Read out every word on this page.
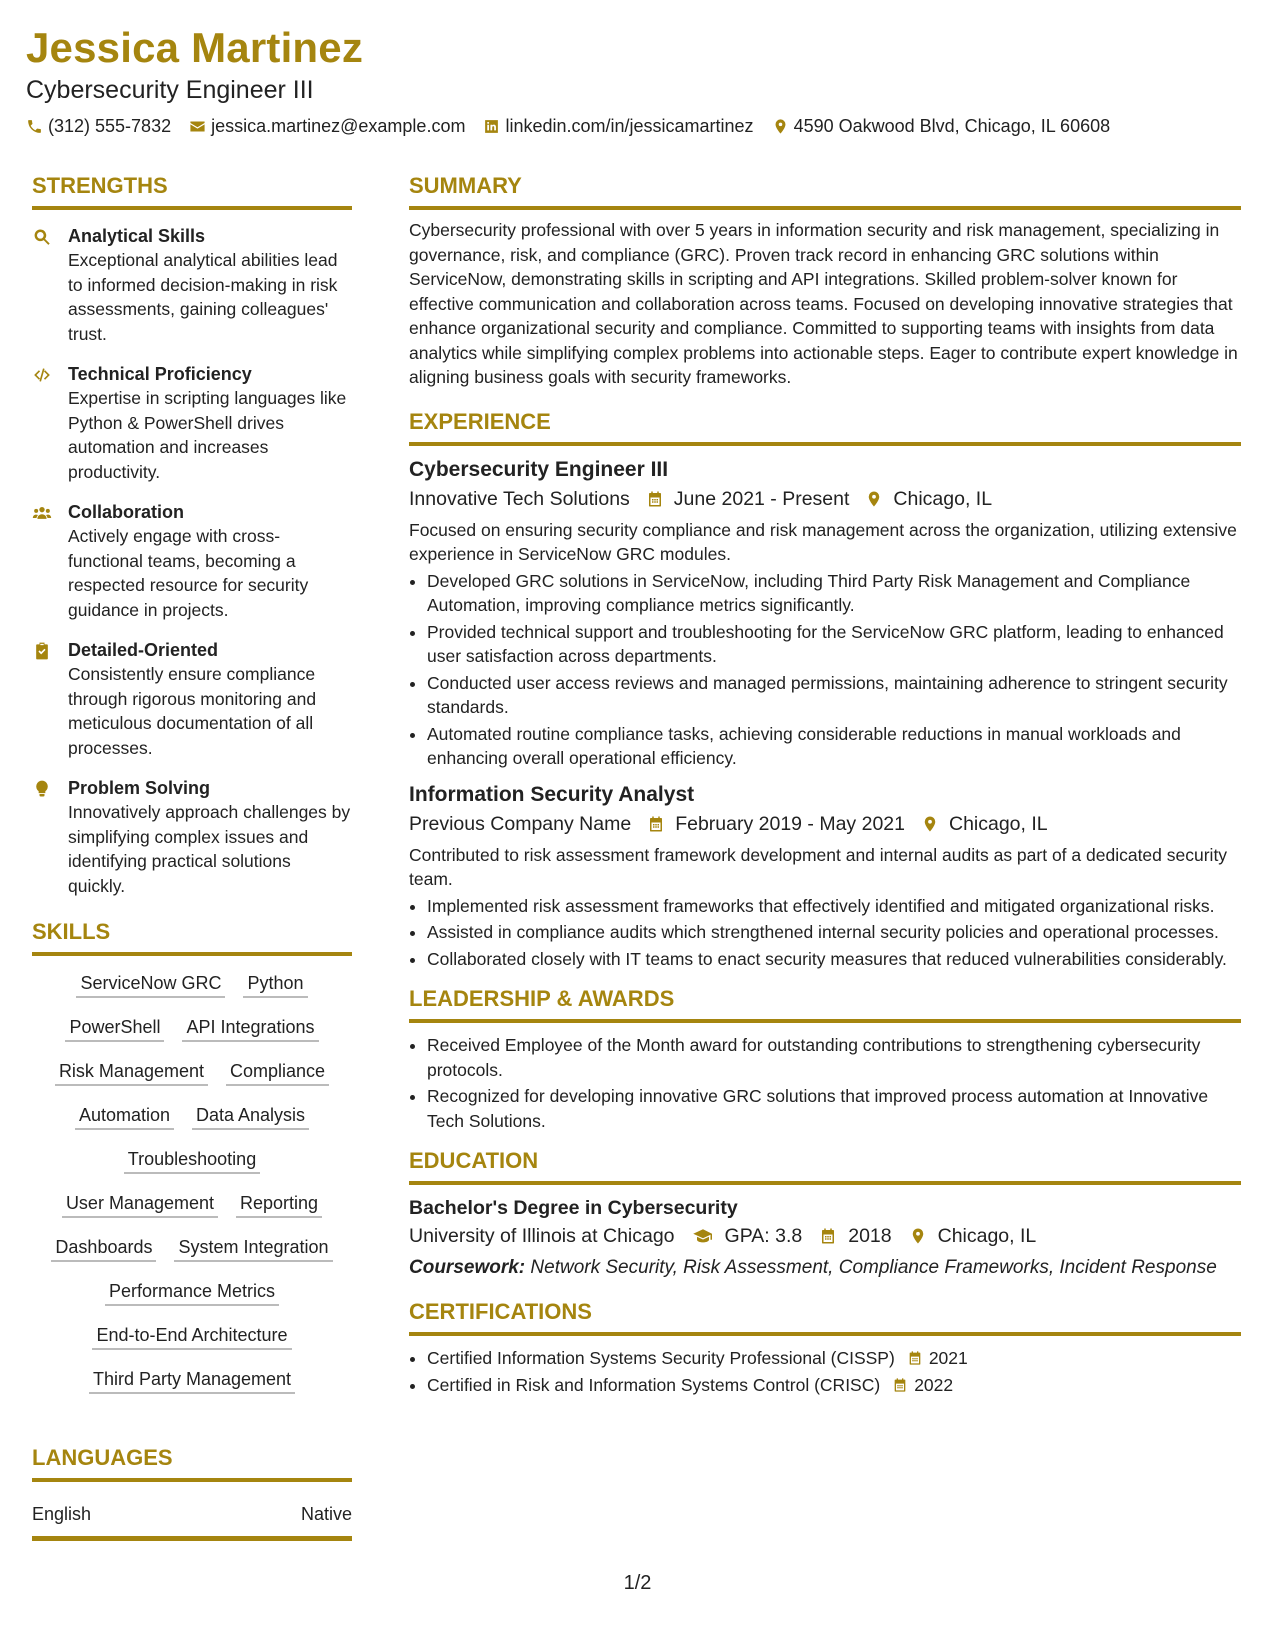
Jessica Martinez
Cybersecurity Engineer III
(312) 555-7832 jessica.martinez@example.com linkedin.com/in/jessicamartinez 4590 Oakwood Blvd, Chicago, IL 60608
STRENGTHS
Analytical Skills
Exceptional analytical abilities lead to informed decision-making in risk assessments, gaining colleagues' trust.
Technical Proficiency
Expertise in scripting languages like Python & PowerShell drives automation and increases productivity.
Collaboration
Actively engage with cross-functional teams, becoming a respected resource for security guidance in projects.
Detailed-Oriented
Consistently ensure compliance through rigorous monitoring and meticulous documentation of all processes.
Problem Solving
Innovatively approach challenges by simplifying complex issues and identifying practical solutions quickly.
SKILLS
ServiceNow GRC Python
PowerShell API Integrations
Risk Management Compliance
Automation Data Analysis
Troubleshooting
User Management Reporting
Dashboards System Integration
Performance Metrics
End-to-End Architecture
Third Party Management
LANGUAGES
English	Native
SUMMARY

Cybersecurity professional with over 5 years in information security and risk management, specializing in governance, risk, and compliance (GRC). Proven track record in enhancing GRC solutions within ServiceNow, demonstrating skills in scripting and API integrations. Skilled problem-solver known for effective communication and collaboration across teams. Focused on developing innovative strategies that enhance organizational security and compliance. Committed to supporting teams with insights from data analytics while simplifying complex problems into actionable steps. Eager to contribute expert knowledge in aligning business goals with security frameworks.

EXPERIENCE
Cybersecurity Engineer III
Innovative Tech Solutions June 2021 - Present Chicago, IL
Focused on ensuring security compliance and risk management across the organization, utilizing extensive experience in ServiceNow GRC modules.
• Developed GRC solutions in ServiceNow, including Third Party Risk Management and Compliance Automation, improving compliance metrics significantly.
• Provided technical support and troubleshooting for the ServiceNow GRC platform, leading to enhanced user satisfaction across departments.
• Conducted user access reviews and managed permissions, maintaining adherence to stringent security standards.
• Automated routine compliance tasks, achieving considerable reductions in manual workloads and enhancing overall operational efficiency.
Information Security Analyst
Previous Company Name February 2019 - May 2021 Chicago, IL
Contributed to risk assessment framework development and internal audits as part of a dedicated security team.
• Implemented risk assessment frameworks that effectively identified and mitigated organizational risks.
• Assisted in compliance audits which strengthened internal security policies and operational processes.
• Collaborated closely with IT teams to enact security measures that reduced vulnerabilities considerably.
LEADERSHIP & AWARDS
• Received Employee of the Month award for outstanding contributions to strengthening cybersecurity protocols.
• Recognized for developing innovative GRC solutions that improved process automation at Innovative Tech Solutions.
EDUCATION
Bachelor's Degree in Cybersecurity
University of Illinois at Chicago	GPA: 3.8 2018 Chicago, IL
Coursework: Network Security, Risk Assessment, Compliance Frameworks, Incident Response
CERTIFICATIONS
• Certified Information Systems Security Professional (CISSP) 2021
• Certified in Risk and Information Systems Control (CRISC) 2022
1/2
